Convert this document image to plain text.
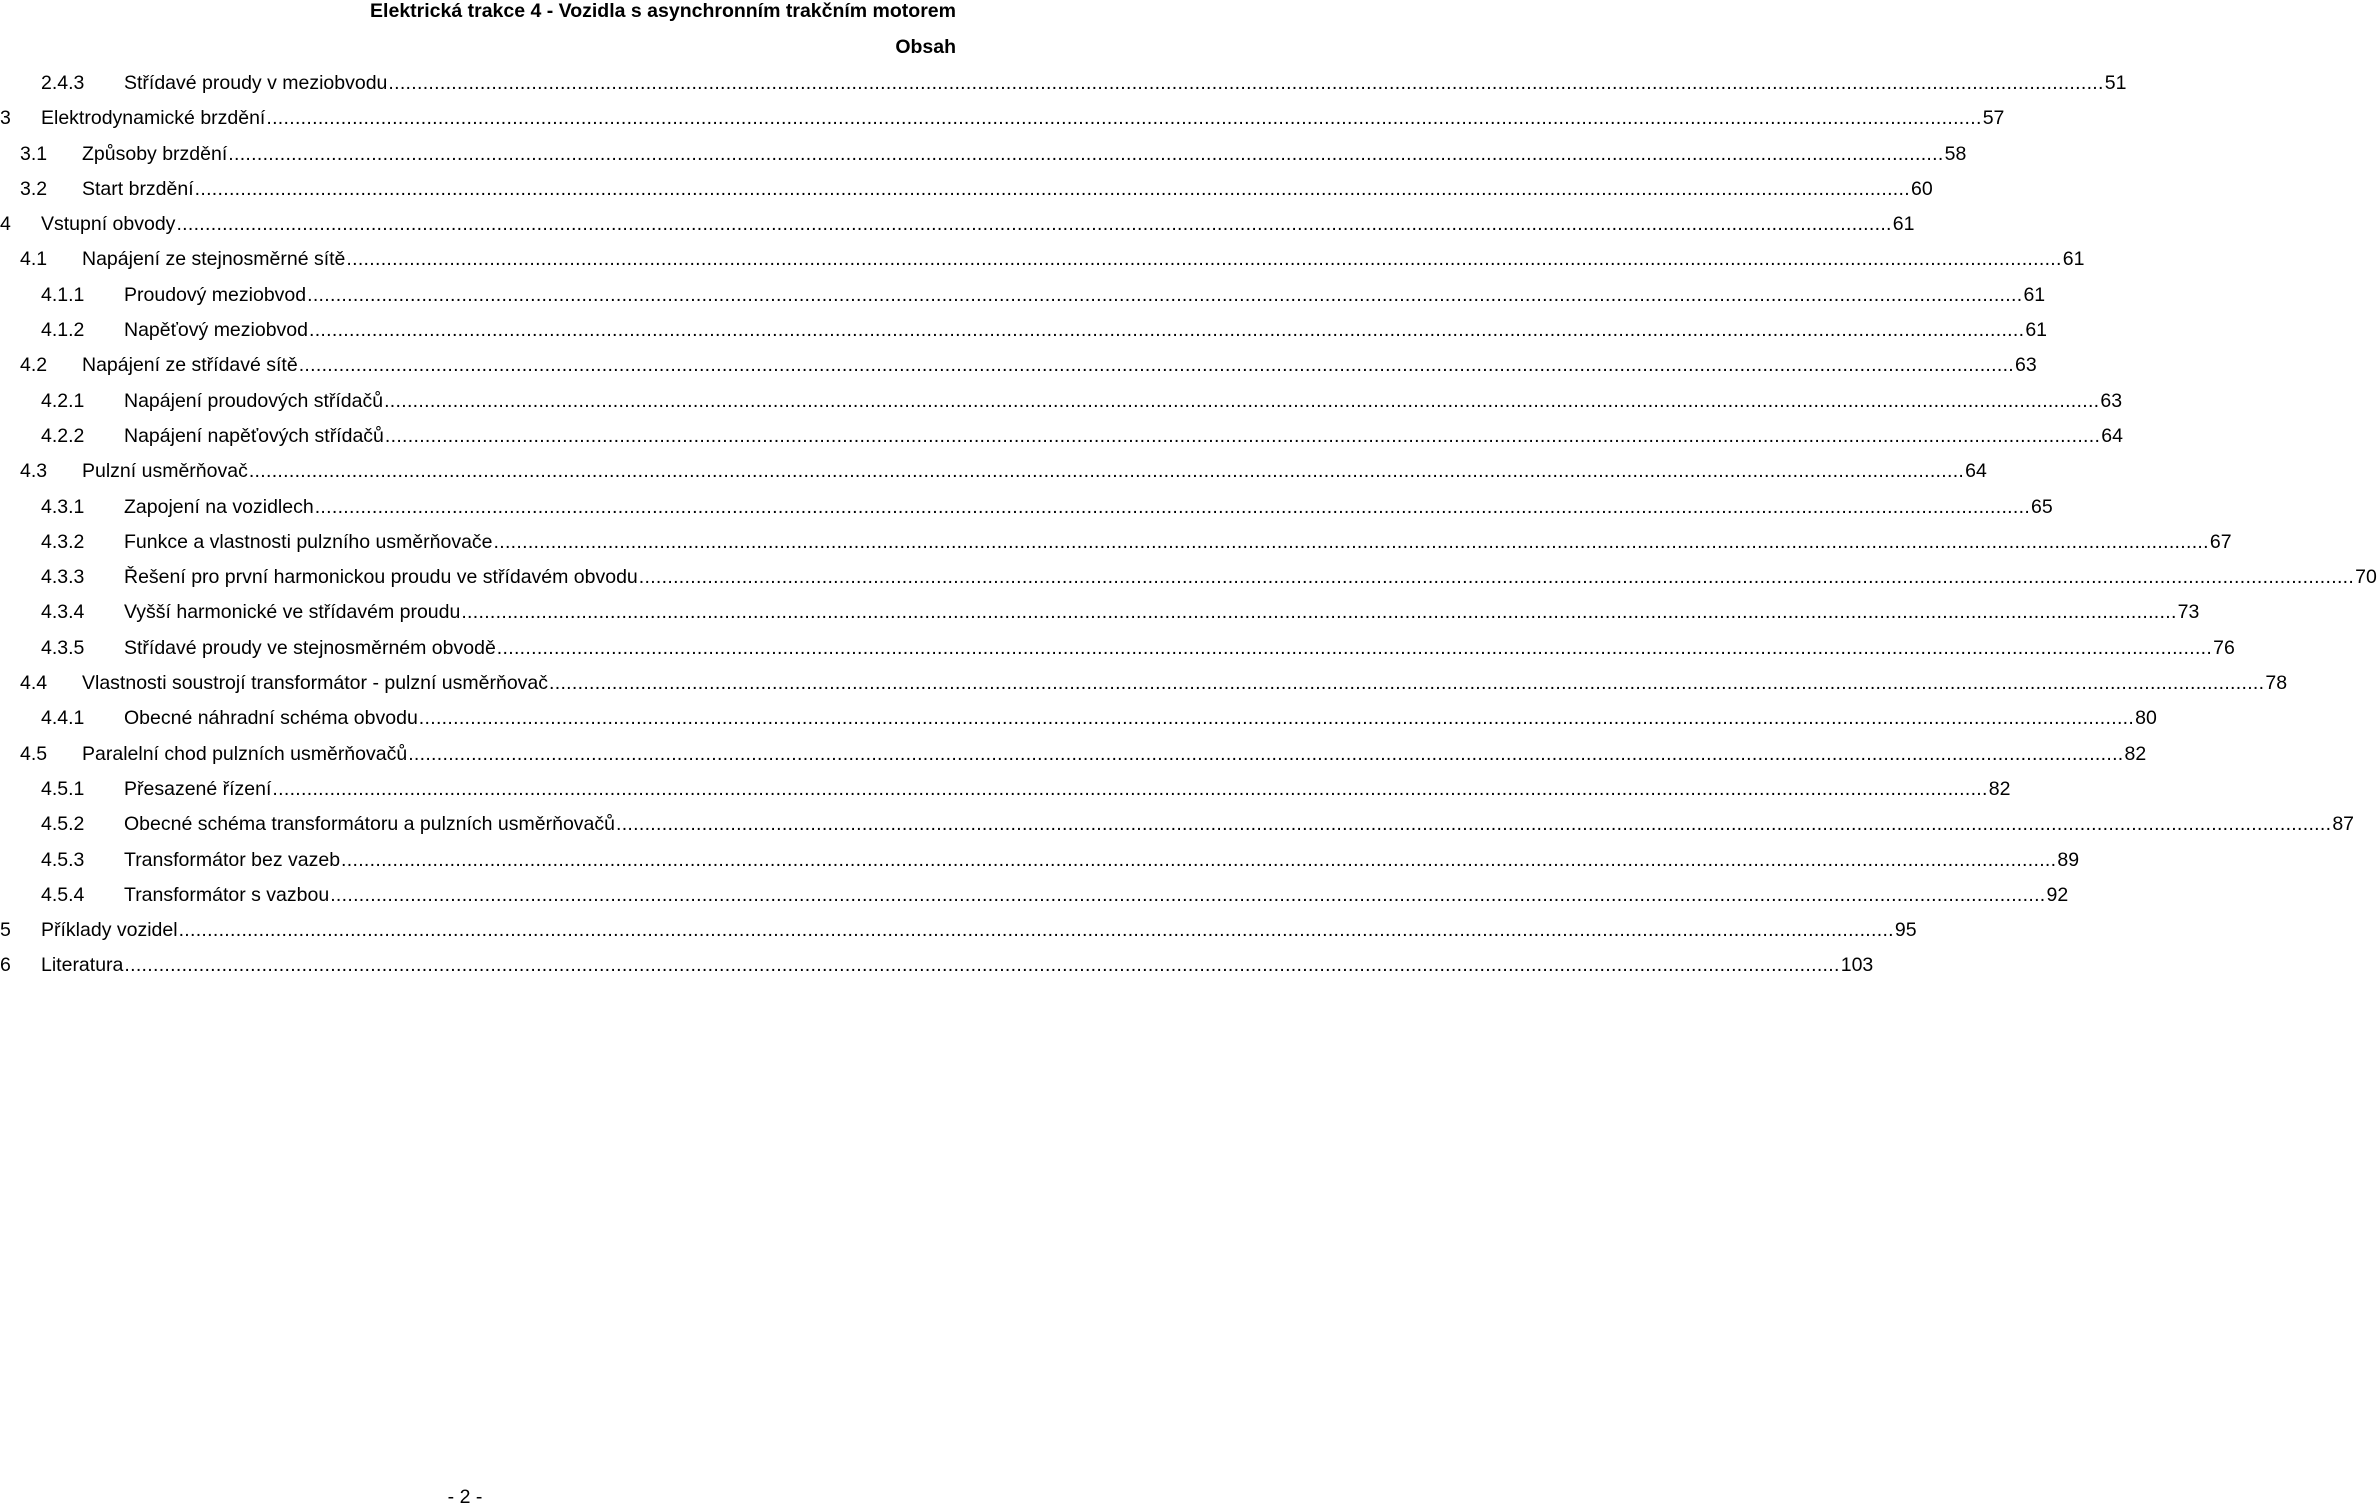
Elektrická trakce 4 - Vozidla s asynchronním trakčním motorem
Obsah
2.4.3 Střídavé proudy v meziobvodu ............................................................................................................................................................................................................................................................................................................ 51
3 Elektrodynamické brzdění ............................................................................................................................................................................................................................................................................................................ 57
3.1 Způsoby brzdění ............................................................................................................................................................................................................................................................................................................ 58
3.2 Start brzdění ............................................................................................................................................................................................................................................................................................................ 60
4 Vstupní obvody ............................................................................................................................................................................................................................................................................................................ 61
4.1 Napájení ze stejnosměrné sítě ............................................................................................................................................................................................................................................................................................................ 61
4.1.1 Proudový meziobvod ............................................................................................................................................................................................................................................................................................................ 61
4.1.2 Napěťový meziobvod ............................................................................................................................................................................................................................................................................................................ 61
4.2 Napájení ze střídavé sítě ............................................................................................................................................................................................................................................................................................................ 63
4.2.1 Napájení proudových střídačů ............................................................................................................................................................................................................................................................................................................ 63
4.2.2 Napájení napěťových střídačů ............................................................................................................................................................................................................................................................................................................ 64
4.3 Pulzní usměrňovač ............................................................................................................................................................................................................................................................................................................ 64
4.3.1 Zapojení na vozidlech ............................................................................................................................................................................................................................................................................................................ 65
4.3.2 Funkce a vlastnosti pulzního usměrňovače ............................................................................................................................................................................................................................................................................................................ 67
4.3.3 Řešení pro první harmonickou proudu ve střídavém obvodu ............................................................................................................................................................................................................................................................................................................ 70
4.3.4 Vyšší harmonické ve střídavém proudu ............................................................................................................................................................................................................................................................................................................ 73
4.3.5 Střídavé proudy ve stejnosměrném obvodě ............................................................................................................................................................................................................................................................................................................ 76
4.4 Vlastnosti soustrojí transformátor - pulzní usměrňovač ............................................................................................................................................................................................................................................................................................................ 78
4.4.1 Obecné náhradní schéma obvodu ............................................................................................................................................................................................................................................................................................................ 80
4.5 Paralelní chod pulzních usměrňovačů ............................................................................................................................................................................................................................................................................................................ 82
4.5.1 Přesazené řízení ............................................................................................................................................................................................................................................................................................................ 82
4.5.2 Obecné schéma transformátoru a pulzních usměrňovačů ............................................................................................................................................................................................................................................................................................................ 87
4.5.3 Transformátor bez vazeb ............................................................................................................................................................................................................................................................................................................ 89
4.5.4 Transformátor s vazbou ............................................................................................................................................................................................................................................................................................................ 92
5 Příklady vozidel ............................................................................................................................................................................................................................................................................................................ 95
6 Literatura ............................................................................................................................................................................................................................................................................................................ 103
- 2 -
